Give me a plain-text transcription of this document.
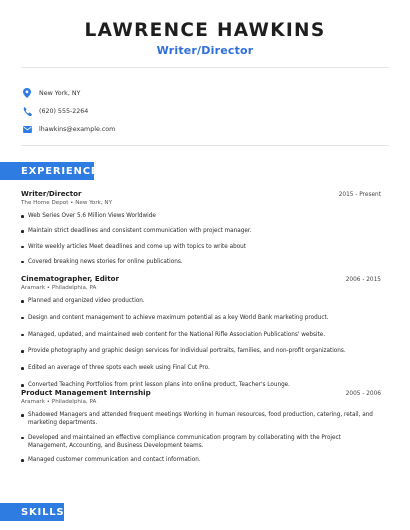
LAWRENCE HAWKINS
Writer/Director
New York, NY
(620) 555-2264
lhawkins@example.com
EXPERIENCE
Writer/Director	2015 - Present
The Home Depot • New York, NY
Web Series Over 5.6 Million Views Worldwide
Maintain strict deadlines and consistent communication with project manager.
Write weekly articles Meet deadlines and come up with topics to write about
Covered breaking news stories for online publications.
Cinematographer, Editor	2006 - 2015
Aramark • Philadelphia, PA
Planned and organized video production.
Design and content management to achieve maximum potential as a key World Bank marketing product.
Managed, updated, and maintained web content for the National Rifle Association Publications' website.
Provide photography and graphic design services for individual portraits, families, and non-profit organizations.
Edited an average of three spots each week using Final Cut Pro.
Converted Teaching Portfolios from print lesson plans into online product, Teacher's Lounge.
Product Management Internship	2005 - 2006
Aramark • Philadelphia, PA
Shadowed Managers and attended frequent meetings Working in human resources, food production, catering, retail, and marketing departments.
Developed and maintained an effective compliance communication program by collaborating with the Project Management, Accounting, and Business Development teams.
Managed customer communication and contact information.
SKILLS
